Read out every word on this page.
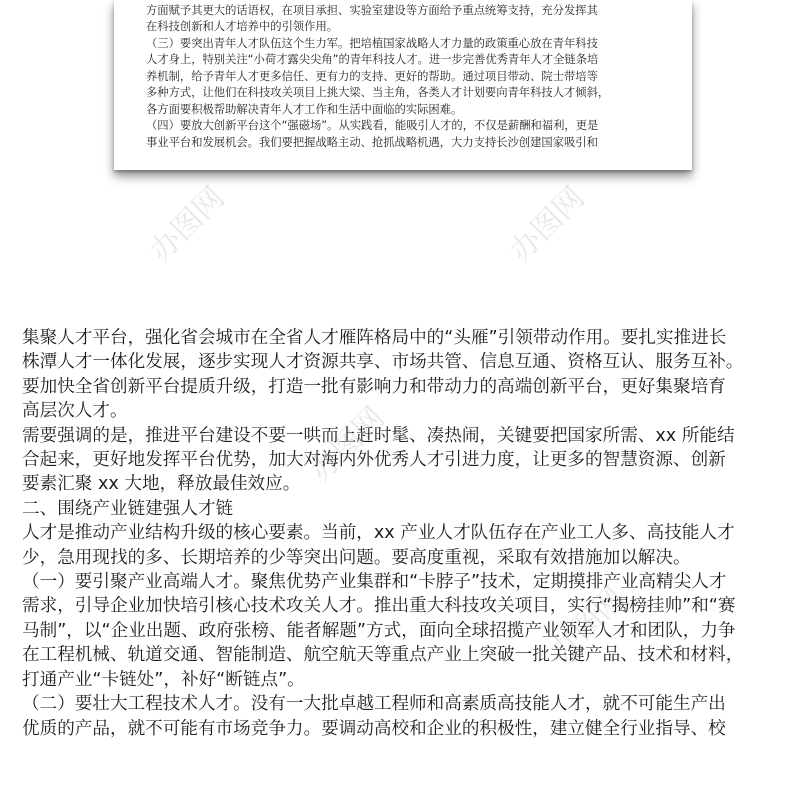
方面赋予其更大的话语权，在项目承担、实验室建设等方面给予重点统筹支持，充分发挥其

在科技创新和人才培养中的引领作用。

（三）要突出青年人才队伍这个生力军。把培植国家战略人才力量的政策重心放在青年科技

人才身上，特别关注“小荷才露尖尖角”的青年科技人才。进一步完善优秀青年人才全链条培

养机制，给予青年人才更多信任、更有力的支持、更好的帮助。通过项目带动、院士带培等

多种方式，让他们在科技攻关项目上挑大梁、当主角，各类人才计划要向青年科技人才倾斜，

各方面要积极帮助解决青年人才工作和生活中面临的实际困难。

（四）要放大创新平台这个“强磁场”。从实践看，能吸引人才的，不仅是薪酬和福利，更是

事业平台和发展机会。我们要把握战略主动、抢抓战略机遇，大力支持长沙创建国家吸引和

办图网	办图网
办图网
办图网

集聚人才平台，强化省会城市在全省人才雁阵格局中的“头雁”引领带动作用。要扎实推进长

株潭人才一体化发展，逐步实现人才资源共享、市场共管、信息互通、资格互认、服务互补。

要加快全省创新平台提质升级，打造一批有影响力和带动力的高端创新平台，更好集聚培育

高层次人才。

需要强调的是，推进平台建设不要一哄而上赶时髦、凑热闹，关键要把国家所需、xx 所能结

合起来，更好地发挥平台优势，加大对海内外优秀人才引进力度，让更多的智慧资源、创新

要素汇聚 xx 大地，释放最佳效应。

二、围绕产业链建强人才链

人才是推动产业结构升级的核心要素。当前，xx 产业人才队伍存在产业工人多、高技能人才

少，急用现找的多、长期培养的少等突出问题。要高度重视，采取有效措施加以解决。

（一）要引聚产业高端人才。聚焦优势产业集群和“卡脖子”技术，定期摸排产业高精尖人才

需求，引导企业加快培引核心技术攻关人才。推出重大科技攻关项目，实行“揭榜挂帅”和“赛

马制”，以“企业出题、政府张榜、能者解题”方式，面向全球招揽产业领军人才和团队，力争

在工程机械、轨道交通、智能制造、航空航天等重点产业上突破一批关键产品、技术和材料，

打通产业“卡链处”，补好“断链点”。

（二）要壮大工程技术人才。没有一大批卓越工程师和高素质高技能人才，就不可能生产出

优质的产品，就不可能有市场竞争力。要调动高校和企业的积极性，建立健全行业指导、校
